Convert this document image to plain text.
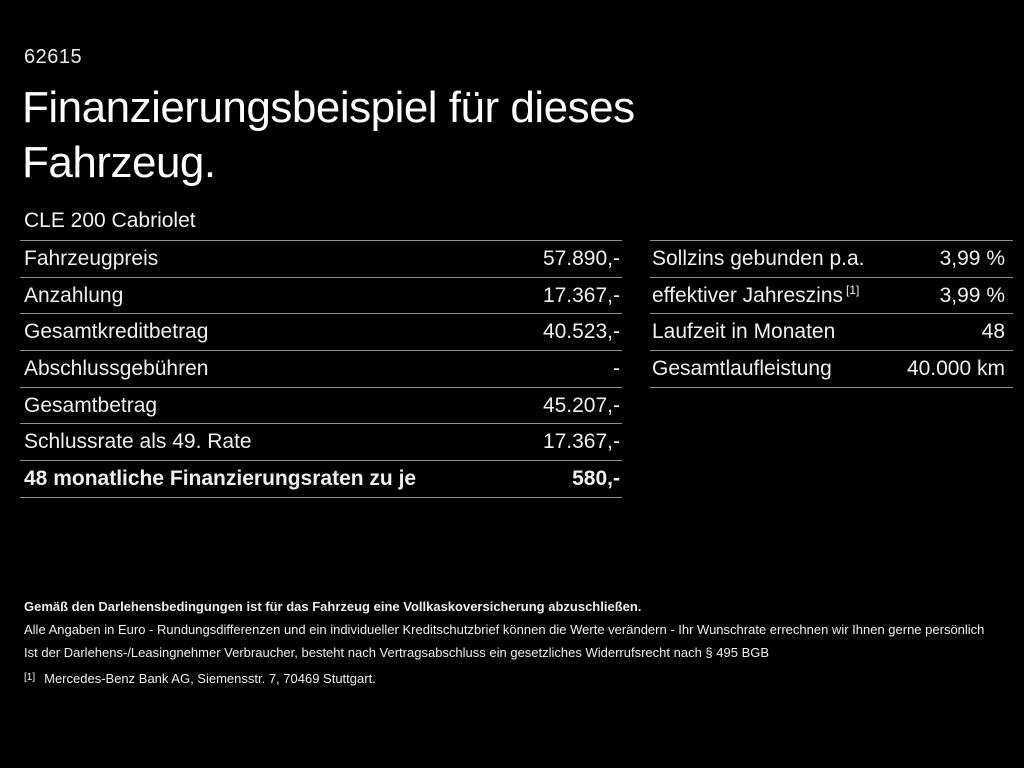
62615
Finanzierungsbeispiel für dieses Fahrzeug.
CLE 200 Cabriolet
Fahrzeugpreis	57.890,-
Anzahlung	17.367,-
Gesamtkreditbetrag	40.523,-
Abschlussgebühren	-
Gesamtbetrag	45.207,-
Schlussrate als 49. Rate	17.367,-
48 monatliche Finanzierungsraten zu je	580,-
Sollzins gebunden p.a.	3,99 %
effektiver Jahreszins [1]	3,99 %
Laufzeit in Monaten	48
Gesamtlaufleistung	40.000 km

Gemäß den Darlehensbedingungen ist für das Fahrzeug eine Vollkaskoversicherung abzuschließen.

Alle Angaben in Euro - Rundungsdifferenzen und ein individueller Kreditschutzbrief können die Werte verändern - Ihr Wunschrate errechnen wir Ihnen gerne persönlich

Ist der Darlehens-/Leasingnehmer Verbraucher, besteht nach Vertragsabschluss ein gesetzliches Widerrufsrecht nach § 495 BGB

[1] Mercedes-Benz Bank AG, Siemensstr. 7, 70469 Stuttgart.
